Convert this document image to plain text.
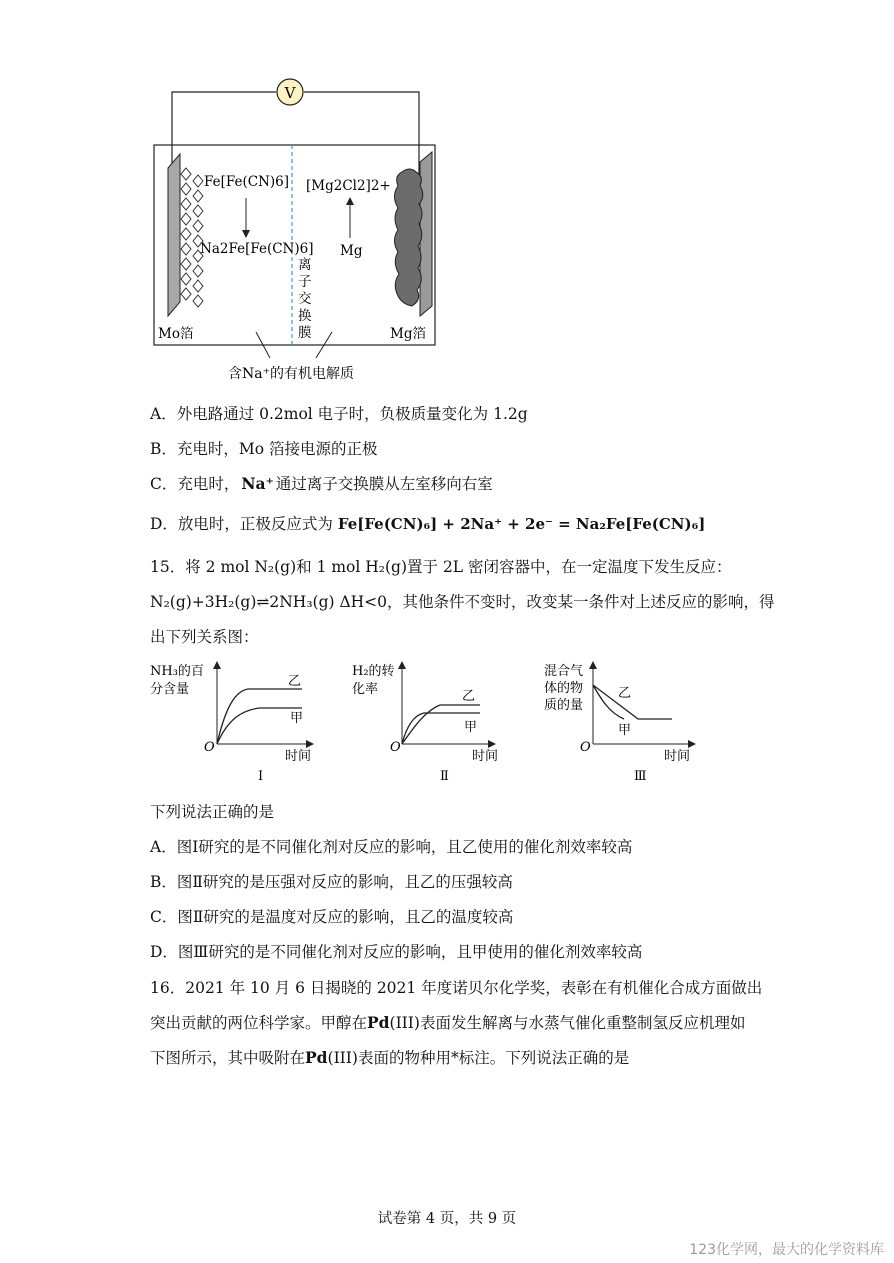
V
Fe[Fe(CN)6]
Na2Fe[Fe(CN)6]
[Mg2Cl2]2+
Mg
离
子
交
换
膜
Mo箔	Mg箔
含Na⁺的有机电解质
A．外电路通过 0.2mol 电子时，负极质量变化为 1.2g
B．充电时，Mo 箔接电源的正极
C．充电时， Na⁺ 通过离子交换膜从左室移向右室
D．放电时，正极反应式为 Fe[Fe(CN)₆] + 2Na⁺ + 2e⁻ = Na₂Fe[Fe(CN)₆]
15．将 2 mol N₂(g)和 1 mol H₂(g)置于 2L 密闭容器中，在一定温度下发生反应：
N₂(g)+3H₂(g)⇌2NH₃(g) ΔH<0，其他条件不变时，改变某一条件对上述反应的影响，得
出下列关系图：
NH₃的百
分含量
乙
甲
O
时间
Ⅰ
H₂的转
化率	乙
甲
O
时间
Ⅱ
混合气
体的物
质的量
乙
甲
O
时间
Ⅲ
下列说法正确的是
A．图Ⅰ研究的是不同催化剂对反应的影响，且乙使用的催化剂效率较高
B．图Ⅱ研究的是压强对反应的影响，且乙的压强较高
C．图Ⅱ研究的是温度对反应的影响，且乙的温度较高
D．图Ⅲ研究的是不同催化剂对反应的影响，且甲使用的催化剂效率较高
16．2021 年 10 月 6 日揭晓的 2021 年度诺贝尔化学奖，表彰在有机催化合成方面做出
突出贡献的两位科学家。甲醇在Pd(III)表面发生解离与水蒸气催化重整制氢反应机理如
下图所示，其中吸附在Pd(III)表面的物种用*标注。下列说法正确的是
试卷第 4 页，共 9 页
123化学网，最大的化学资料库
